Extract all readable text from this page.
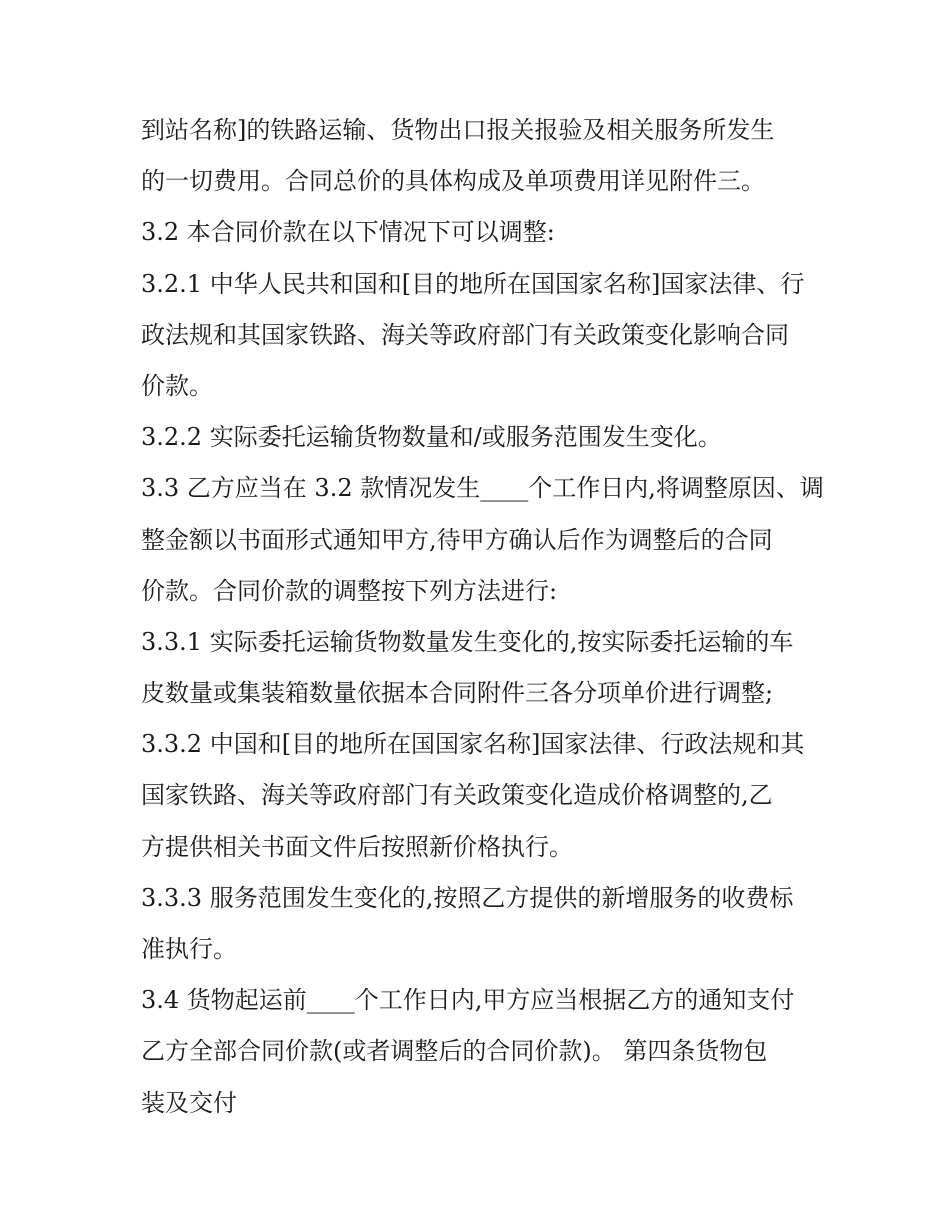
到站名称]的铁路运输、货物出口报关报验及相关服务所发生
的一切费用。合同总价的具体构成及单项费用详见附件三。
3.2 本合同价款在以下情况下可以调整:
3.2.1 中华人民共和国和[目的地所在国国家名称]国家法律、行
政法规和其国家铁路、海关等政府部门有关政策变化影响合同
价款。
3.2.2 实际委托运输货物数量和/或服务范围发生变化。
3.3 乙方应当在 3.2 款情况发生____个工作日内,将调整原因、调
整金额以书面形式通知甲方,待甲方确认后作为调整后的合同
价款。合同价款的调整按下列方法进行:
3.3.1 实际委托运输货物数量发生变化的,按实际委托运输的车
皮数量或集装箱数量依据本合同附件三各分项单价进行调整;
3.3.2 中国和[目的地所在国国家名称]国家法律、行政法规和其
国家铁路、海关等政府部门有关政策变化造成价格调整的,乙
方提供相关书面文件后按照新价格执行。
3.3.3 服务范围发生变化的,按照乙方提供的新增服务的收费标
准执行。
3.4 货物起运前____个工作日内,甲方应当根据乙方的通知支付
乙方全部合同价款(或者调整后的合同价款)。 第四条货物包
装及交付
